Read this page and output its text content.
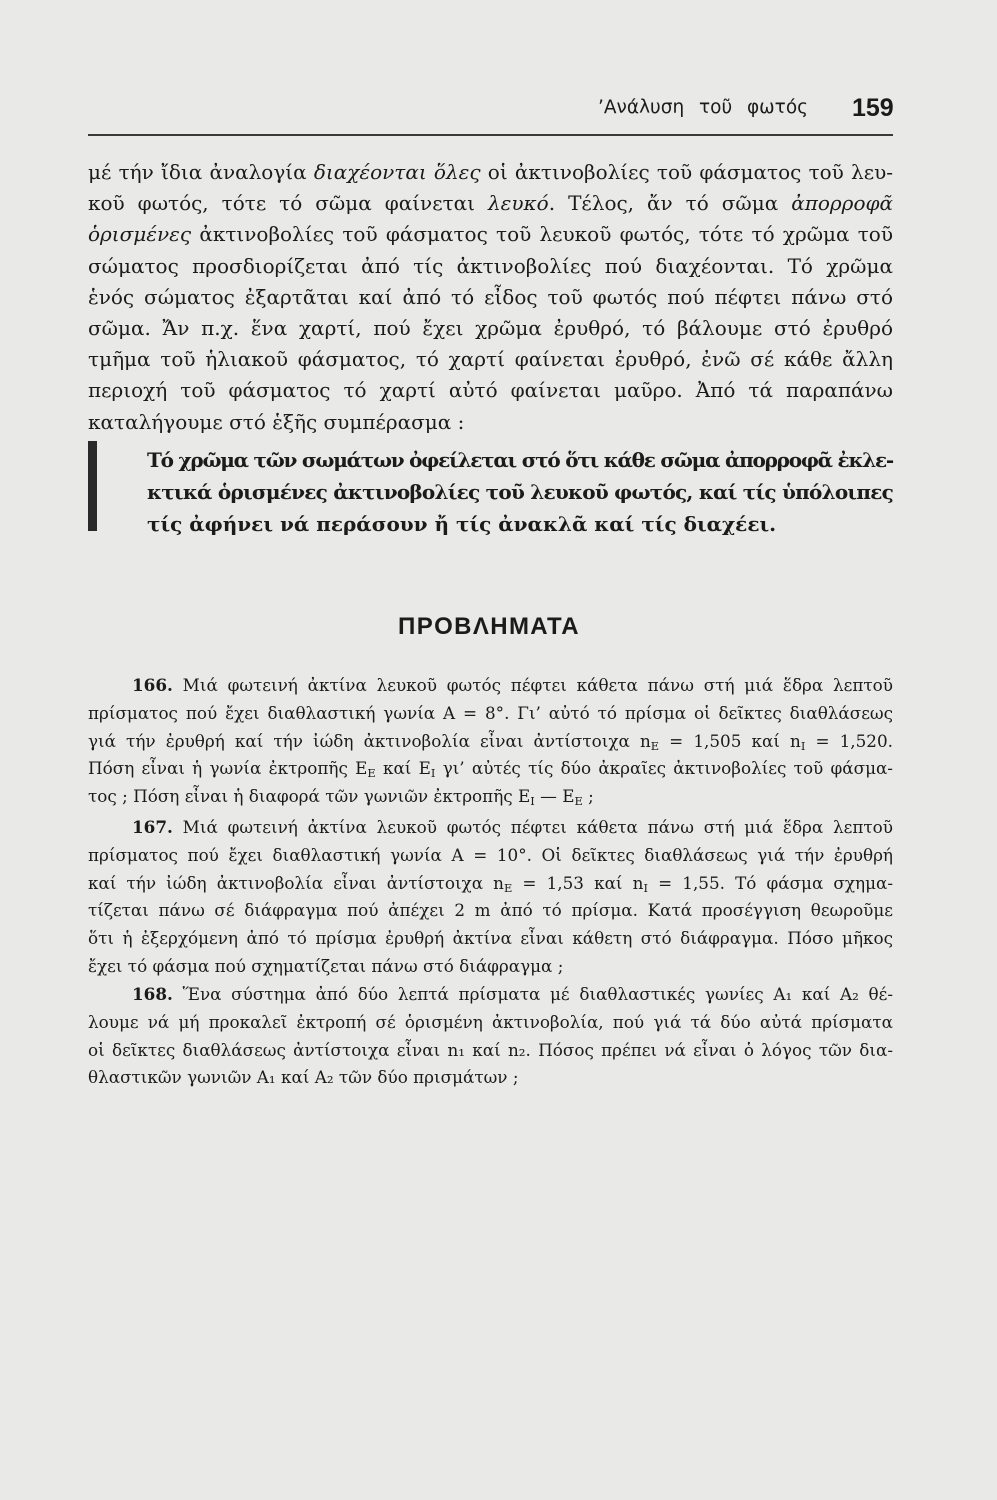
’Ανάλυση τοῦ φωτός 159
μέ τήν ἴδια ἀναλογία διαχέονται ὅλες οἱ ἀκτινοβολίες τοῦ φάσματος τοῦ λευ-
κοῦ φωτός, τότε τό σῶμα φαίνεται λευκό. Τέλος, ἄν τό σῶμα ἀπορροφᾶ
ὁρισμένες ἀκτινοβολίες τοῦ φάσματος τοῦ λευκοῦ φωτός, τότε τό χρῶμα τοῦ
σώματος προσδιορίζεται ἀπό τίς ἀκτινοβολίες πού διαχέονται. Τό χρῶμα
ἑνός σώματος ἐξαρτᾶται καί ἀπό τό εἶδος τοῦ φωτός πού πέφτει πάνω στό
σῶμα. Ἄν π.χ. ἕνα χαρτί, πού ἔχει χρῶμα ἐρυθρό, τό βάλουμε στό ἐρυθρό
τμῆμα τοῦ ἡλιακοῦ φάσματος, τό χαρτί φαίνεται ἐρυθρό, ἐνῶ σέ κάθε ἄλλη
περιοχή τοῦ φάσματος τό χαρτί αὐτό φαίνεται μαῦρο. Ἀπό τά παραπάνω
καταλήγουμε στό ἑξῆς συμπέρασμα :
Τό χρῶμα τῶν σωμάτων ὀφείλεται στό ὅτι κάθε σῶμα ἀπορροφᾶ ἐκλε-
κτικά ὁρισμένες ἀκτινοβολίες τοῦ λευκοῦ φωτός, καί τίς ὑπόλοιπες
τίς ἀφήνει νά περάσουν ἤ τίς ἀνακλᾶ καί τίς διαχέει.
ΠΡΟΒΛΗΜΑΤΑ
166. Μιά φωτεινή ἀκτίνα λευκοῦ φωτός πέφτει κάθετα πάνω στή μιά ἕδρα λεπτοῦ
πρίσματος πού ἔχει διαθλαστική γωνία A = 8°. Γι’ αὐτό τό πρίσμα οἱ δεῖκτες διαθλάσεως
γιά τήν ἐρυθρή καί τήν ἰώδη ἀκτινοβολία εἶναι ἀντίστοιχα nE = 1,505 καί nI = 1,520.
Πόση εἶναι ἡ γωνία ἐκτροπῆς EE καί EI γι’ αὐτές τίς δύο ἀκραῖες ἀκτινοβολίες τοῦ φάσμα-
τος ; Πόση εἶναι ἡ διαφορά τῶν γωνιῶν ἐκτροπῆς EI — EE ;
167. Μιά φωτεινή ἀκτίνα λευκοῦ φωτός πέφτει κάθετα πάνω στή μιά ἕδρα λεπτοῦ
πρίσματος πού ἔχει διαθλαστική γωνία A = 10°. Οἱ δεῖκτες διαθλάσεως γιά τήν ἐρυθρή
καί τήν ἰώδη ἀκτινοβολία εἶναι ἀντίστοιχα nE = 1,53 καί nI = 1,55. Τό φάσμα σχημα-
τίζεται πάνω σέ διάφραγμα πού ἀπέχει 2 m ἀπό τό πρίσμα. Κατά προσέγγιση θεωροῦμε
ὅτι ἡ ἐξερχόμενη ἀπό τό πρίσμα ἐρυθρή ἀκτίνα εἶναι κάθετη στό διάφραγμα. Πόσο μῆκος
ἔχει τό φάσμα πού σχηματίζεται πάνω στό διάφραγμα ;
168. Ἕνα σύστημα ἀπό δύο λεπτά πρίσματα μέ διαθλαστικές γωνίες A₁ καί A₂ θέ-
λουμε νά μή προκαλεῖ ἐκτροπή σέ ὁρισμένη ἀκτινοβολία, πού γιά τά δύο αὐτά πρίσματα
οἱ δεῖκτες διαθλάσεως ἀντίστοιχα εἶναι n₁ καί n₂. Πόσος πρέπει νά εἶναι ὁ λόγος τῶν δια-
θλαστικῶν γωνιῶν A₁ καί A₂ τῶν δύο πρισμάτων ;
